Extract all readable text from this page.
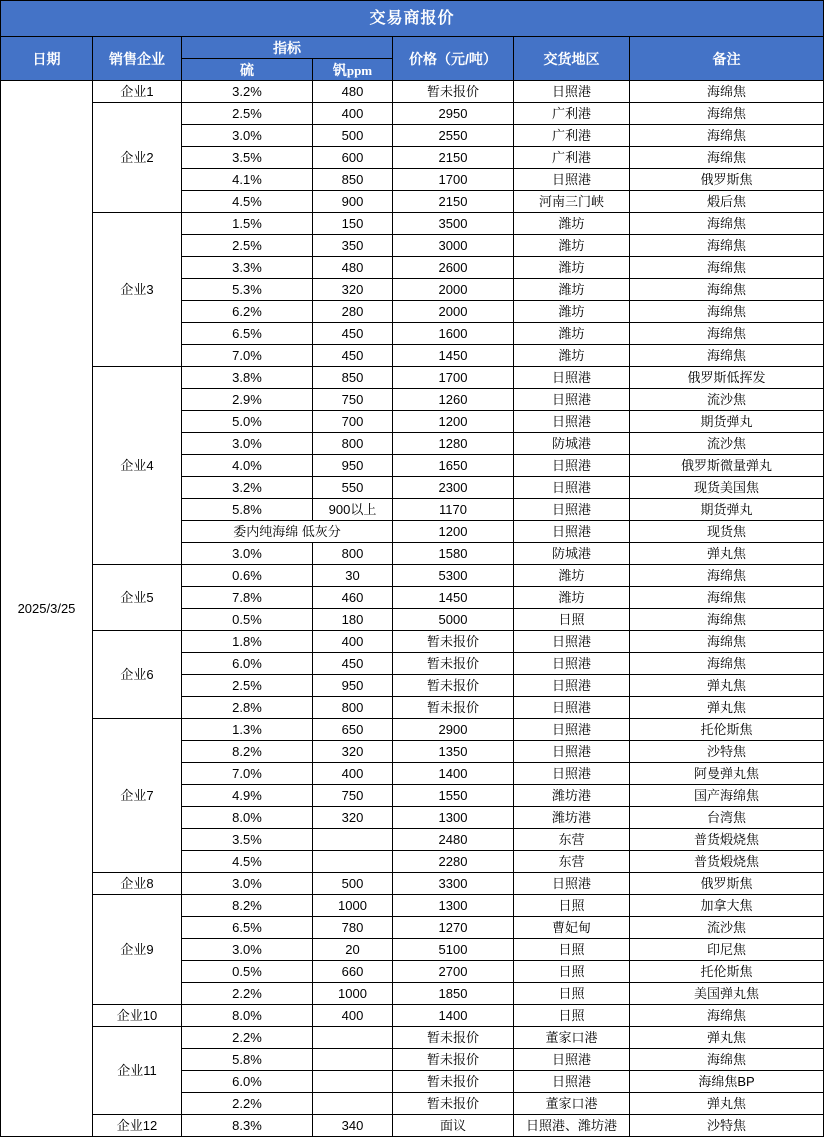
交易商报价						
日期	销售企业	指标		价格（元/吨）	交货地区	备注
		硫	钒ppm			
2025/3/25	企业1	3.2%	480	暂未报价	日照港	海绵焦
	企业2	2.5%	400	2950	广利港	海绵焦
		3.0%	500	2550	广利港	海绵焦
		3.5%	600	2150	广利港	海绵焦
		4.1%	850	1700	日照港	俄罗斯焦
		4.5%	900	2150	河南三门峡	煅后焦
	企业3	1.5%	150	3500	潍坊	海绵焦
		2.5%	350	3000	潍坊	海绵焦
		3.3%	480	2600	潍坊	海绵焦
		5.3%	320	2000	潍坊	海绵焦
		6.2%	280	2000	潍坊	海绵焦
		6.5%	450	1600	潍坊	海绵焦
		7.0%	450	1450	潍坊	海绵焦
	企业4	3.8%	850	1700	日照港	俄罗斯低挥发
		2.9%	750	1260	日照港	流沙焦
		5.0%	700	1200	日照港	期货弹丸
		3.0%	800	1280	防城港	流沙焦
		4.0%	950	1650	日照港	俄罗斯微量弹丸
		3.2%	550	2300	日照港	现货美国焦
		5.8%	900以上	1170	日照港	期货弹丸
		委内纯海绵 低灰分		1200	日照港	现货焦
		3.0%	800	1580	防城港	弹丸焦
	企业5	0.6%	30	5300	潍坊	海绵焦
		7.8%	460	1450	潍坊	海绵焦
		0.5%	180	5000	日照	海绵焦
	企业6	1.8%	400	暂未报价	日照港	海绵焦
		6.0%	450	暂未报价	日照港	海绵焦
		2.5%	950	暂未报价	日照港	弹丸焦
		2.8%	800	暂未报价	日照港	弹丸焦
	企业7	1.3%	650	2900	日照港	托伦斯焦
		8.2%	320	1350	日照港	沙特焦
		7.0%	400	1400	日照港	阿曼弹丸焦
		4.9%	750	1550	潍坊港	国产海绵焦
		8.0%	320	1300	潍坊港	台湾焦
		3.5%		2480	东营	普货煅烧焦
		4.5%		2280	东营	普货煅烧焦
	企业8	3.0%	500	3300	日照港	俄罗斯焦
	企业9	8.2%	1000	1300	日照	加拿大焦
		6.5%	780	1270	曹妃甸	流沙焦
		3.0%	20	5100	日照	印尼焦
		0.5%	660	2700	日照	托伦斯焦
		2.2%	1000	1850	日照	美国弹丸焦
	企业10	8.0%	400	1400	日照	海绵焦
	企业11	2.2%		暂未报价	董家口港	弹丸焦
		5.8%		暂未报价	日照港	海绵焦
		6.0%		暂未报价	日照港	海绵焦BP
		2.2%		暂未报价	董家口港	弹丸焦
	企业12	8.3%	340	面议	日照港、潍坊港	沙特焦
